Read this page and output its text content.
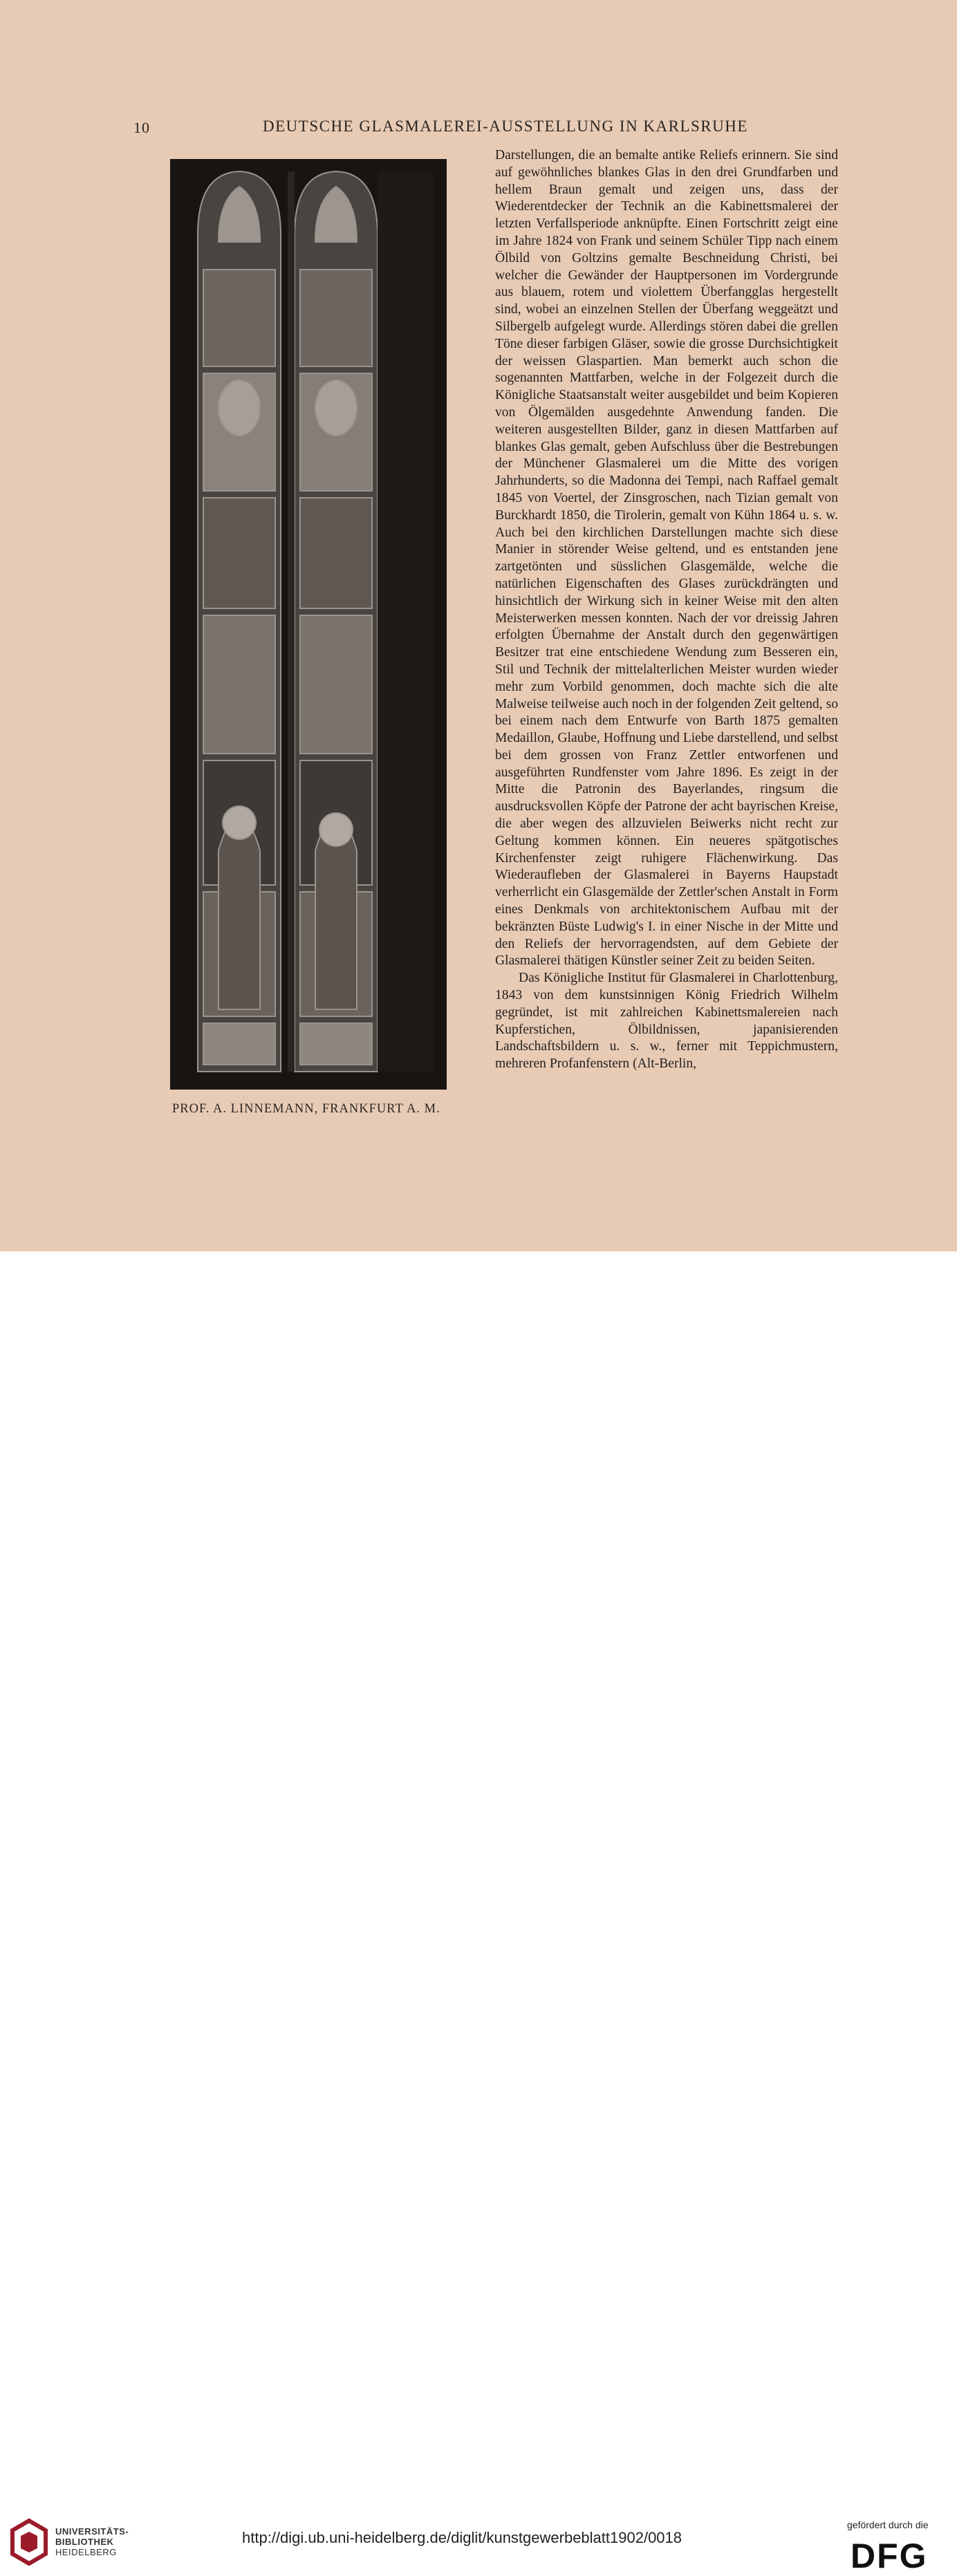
10	DEUTSCHE GLASMALEREI-AUSSTELLUNG IN KARLSRUHE
PROF. A. LINNEMANN, FRANKFURT A. M.

Darstellungen, die an bemalte antike Reliefs erinnern. Sie sind auf gewöhnliches blankes Glas in den drei Grundfarben und hellem Braun gemalt und zeigen uns, dass der Wiederentdecker der Technik an die Kabinettsmalerei der letzten Verfallsperiode anknüpfte. Einen Fortschritt zeigt eine im Jahre 1824 von Frank und seinem Schüler Tipp nach einem Ölbild von Goltzins gemalte Beschneidung Christi, bei welcher die Gewänder der Hauptpersonen im Vordergrunde aus blauem, rotem und violettem Überfangglas hergestellt sind, wobei an einzelnen Stellen der Überfang weggeätzt und Silbergelb aufgelegt wurde. Allerdings stören dabei die grellen Töne dieser farbigen Gläser, sowie die grosse Durchsichtigkeit der weissen Glaspartien. Man bemerkt auch schon die sogenannten Mattfarben, welche in der Folgezeit durch die Königliche Staatsanstalt weiter ausgebildet und beim Kopieren von Ölgemälden ausgedehnte Anwendung fanden. Die weiteren ausgestellten Bilder, ganz in diesen Mattfarben auf blankes Glas gemalt, geben Aufschluss über die Bestrebungen der Münchener Glasmalerei um die Mitte des vorigen Jahrhunderts, so die Madonna dei Tempi, nach Raffael gemalt 1845 von Voertel, der Zinsgroschen, nach Tizian gemalt von Burckhardt 1850, die Tirolerin, gemalt von Kühn 1864 u. s. w. Auch bei den kirchlichen Darstellungen machte sich diese Manier in störender Weise geltend, und es entstanden jene zartgetönten und süsslichen Glasgemälde, welche die natürlichen Eigenschaften des Glases zurückdrängten und hinsichtlich der Wirkung sich in keiner Weise mit den alten Meisterwerken messen konnten. Nach der vor dreissig Jahren erfolgten Übernahme der Anstalt durch den gegenwärtigen Besitzer trat eine entschiedene Wendung zum Besseren ein, Stil und Technik der mittelalterlichen Meister wurden wieder mehr zum Vorbild genommen, doch machte sich die alte Malweise teilweise auch noch in der folgenden Zeit geltend, so bei einem nach dem Entwurfe von Barth 1875 gemalten Medaillon, Glaube, Hoffnung und Liebe darstellend, und selbst bei dem grossen von Franz Zettler entworfenen und ausgeführten Rundfenster vom Jahre 1896. Es zeigt in der Mitte die Patronin des Bayerlandes, ringsum die ausdrucksvollen Köpfe der Patrone der acht bayrischen Kreise, die aber wegen des allzuvielen Beiwerks nicht recht zur Geltung kommen können. Ein neueres spätgotisches Kirchenfenster zeigt ruhigere Flächenwirkung. Das Wiederaufleben der Glasmalerei in Bayerns Haupstadt verherrlicht ein Glasgemälde der Zettler'schen Anstalt in Form eines Denkmals von architektonischem Aufbau mit der bekränzten Büste Ludwig's I. in einer Nische in der Mitte und den Reliefs der hervorragendsten, auf dem Gebiete der Glasmalerei thätigen Künstler seiner Zeit zu beiden Seiten.

Das Königliche Institut für Glasmalerei in Charlottenburg, 1843 von dem kunstsinnigen König Friedrich Wilhelm gegründet, ist mit zahlreichen Kabinettsmalereien nach Kupferstichen, Ölbildnissen, japanisierenden Landschaftsbildern u. s. w., ferner mit Teppichmustern, mehreren Profanfenstern (Alt-Berlin,

UNIVERSITÄTS-
BIBLIOTHEK
HEIDELBERG
http://digi.ub.uni-heidelberg.de/diglit/kunstgewerbeblatt1902/0018
gefördert durch die
DFG
